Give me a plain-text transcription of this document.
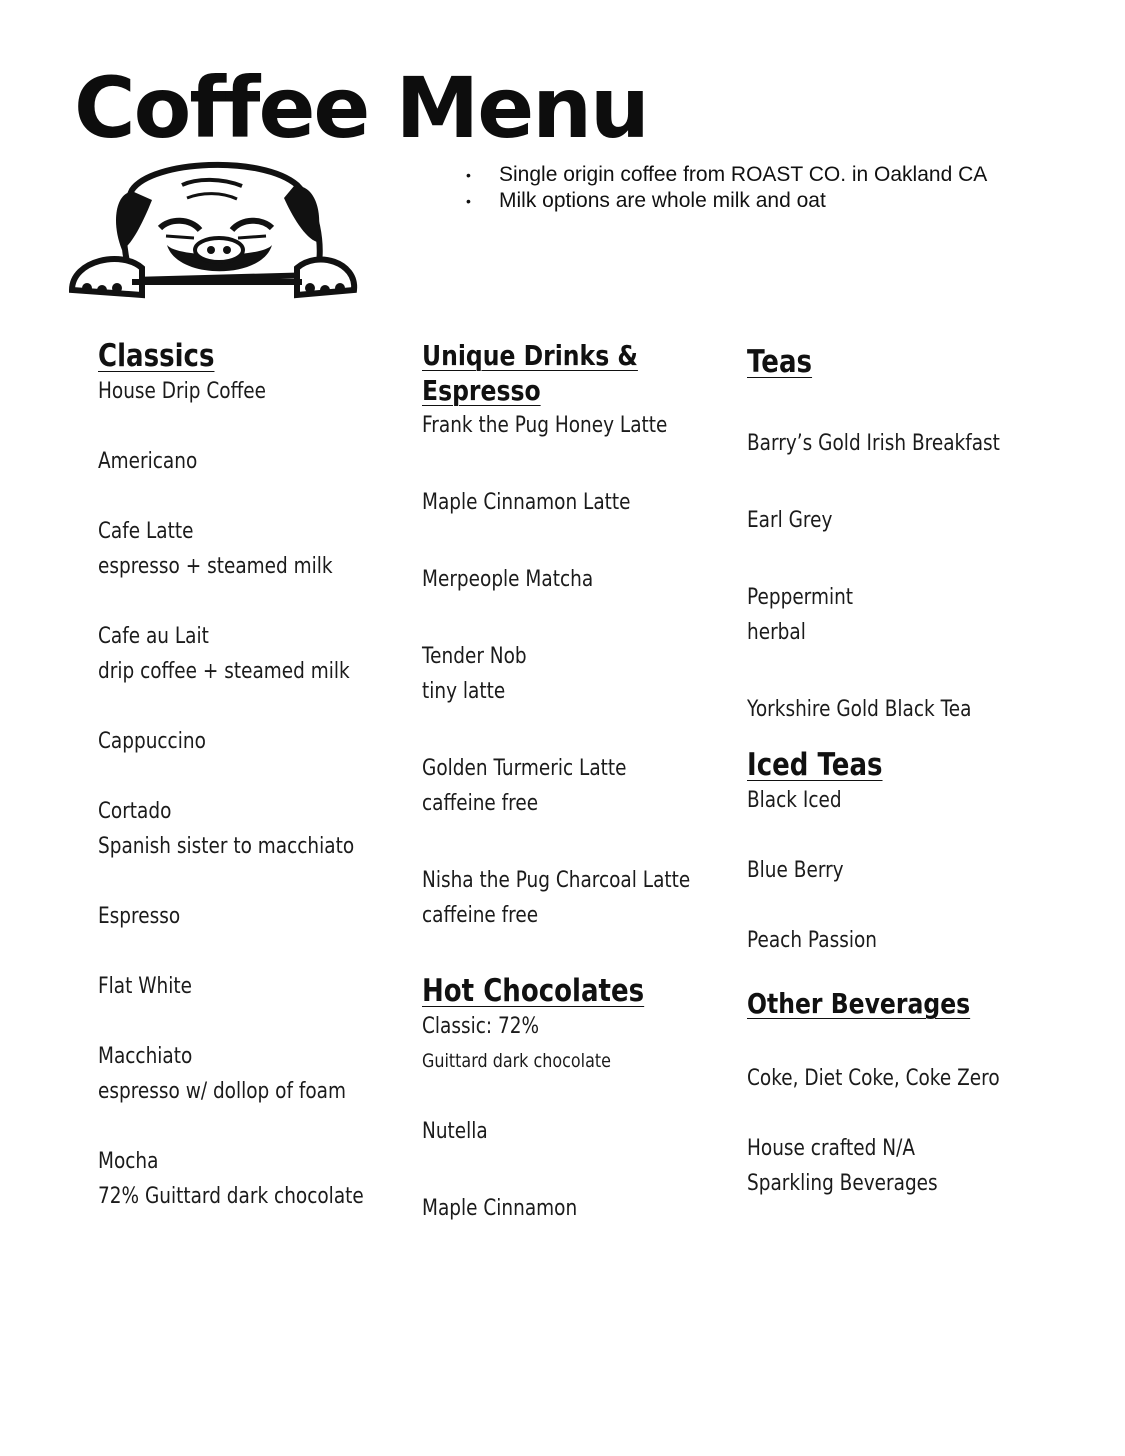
Coffee Menu
• Single origin coffee from ROAST CO. in Oakland CA
• Milk options are whole milk and oat
Classics
House Drip Coffee
Americano
Cafe Latte
espresso + steamed milk
Cafe au Lait
drip coffee + steamed milk
Cappuccino
Cortado
Spanish sister to macchiato
Espresso
Flat White
Macchiato
espresso w/ dollop of foam
Mocha
72% Guittard dark chocolate
Unique Drinks &
Espresso
Frank the Pug Honey Latte
Maple Cinnamon Latte
Merpeople Matcha
Tender Nob
tiny latte
Golden Turmeric Latte
caffeine free
Nisha the Pug Charcoal Latte
caffeine free
Hot Chocolates
Classic: 72%
Guittard dark chocolate
Nutella
Maple Cinnamon
Teas
Barry’s Gold Irish Breakfast
Earl Grey
Peppermint
herbal
Yorkshire Gold Black Tea
Iced Teas
Black Iced
Blue Berry
Peach Passion
Other Beverages
Coke, Diet Coke, Coke Zero
House crafted N/A
Sparkling Beverages
